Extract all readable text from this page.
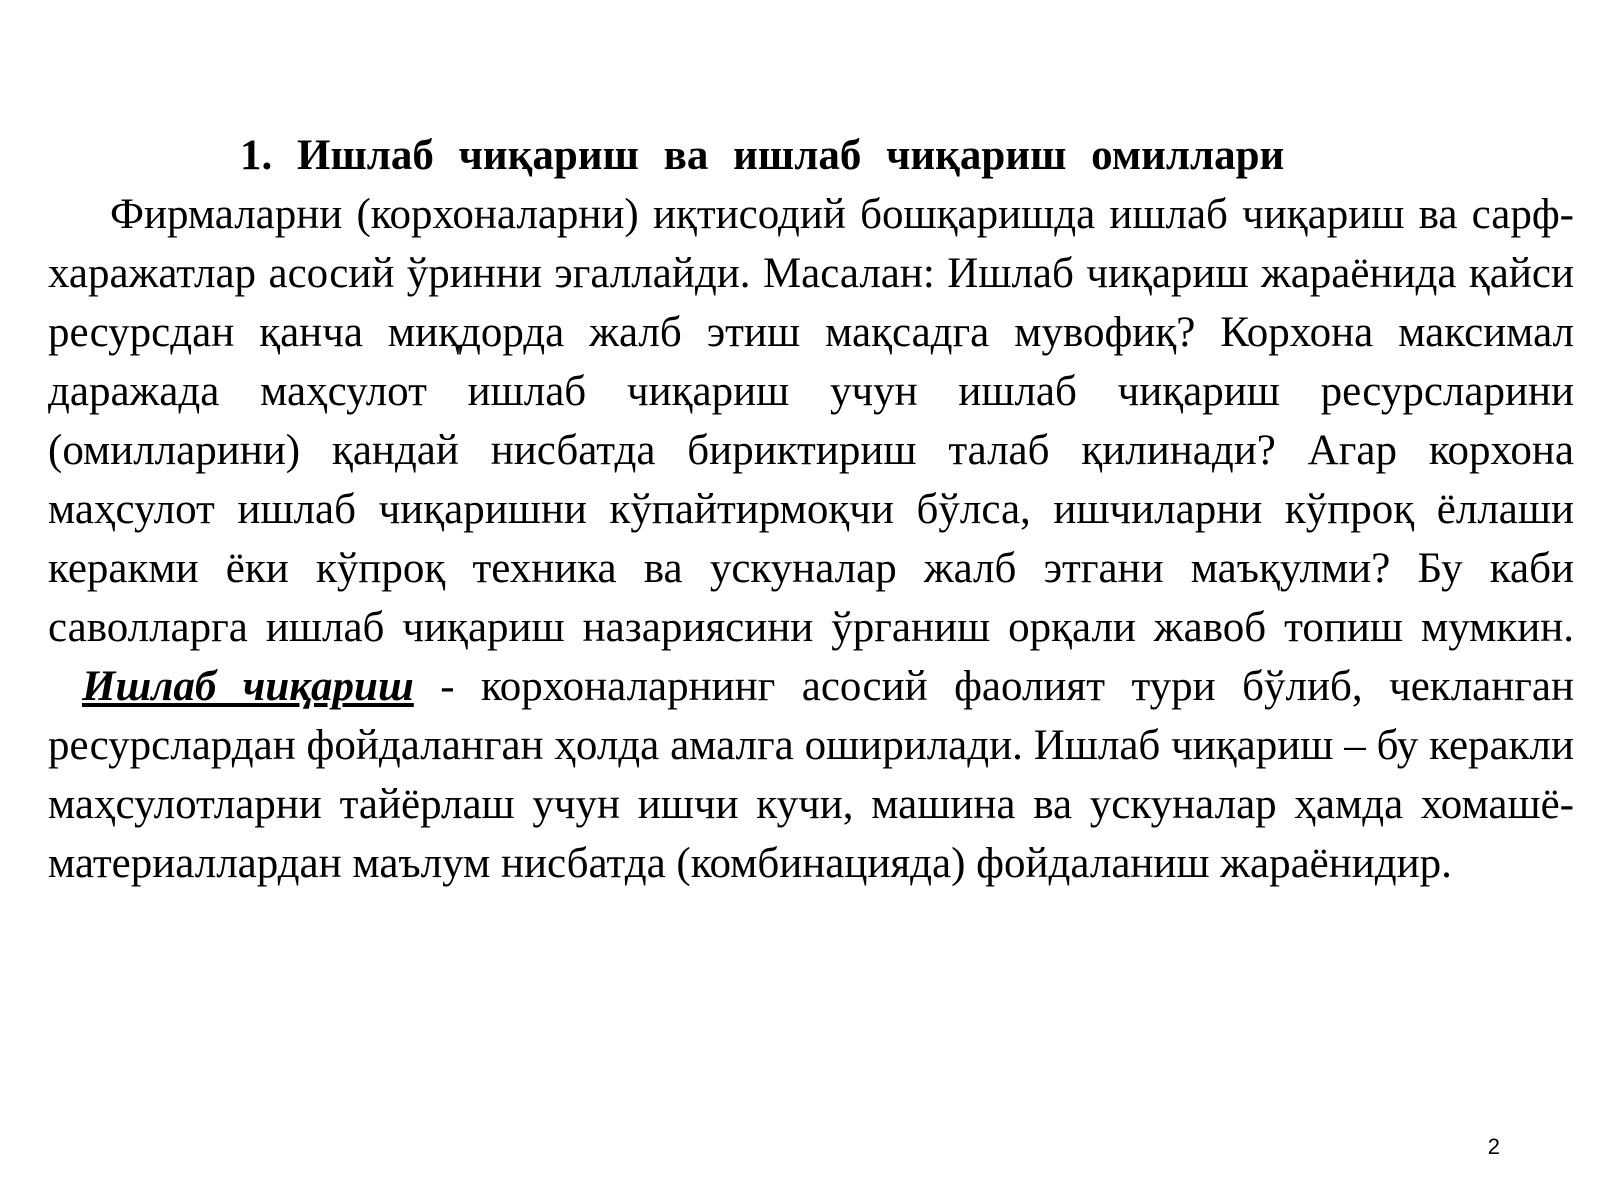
1. Ишлаб чиқариш ва ишлаб чиқариш омиллари

Фирмаларни (корхоналарни) иқтисодий бошқаришда ишлаб чиқариш ва сарф-харажатлар асосий ўринни эгаллайди. Масалан: Ишлаб чиқариш жараёнида қайси ресурсдан қанча миқдорда жалб этиш мақсадга мувофиқ? Корхона максимал даражада маҳсулот ишлаб чиқариш учун ишлаб чиқариш ресурсларини (омилларини) қандай нисбатда бириктириш талаб қилинади? Агар корхона маҳсулот ишлаб чиқаришни кўпайтирмоқчи бўлса, ишчиларни кўпроқ ёллаши керакми ёки кўпроқ техника ва ускуналар жалб этгани маъқулми? Бу каби саволларга ишлаб чиқариш назариясини ўрганиш орқали жавоб топиш мумкин.

Ишлаб чиқариш - корхоналарнинг асосий фаолият тури бўлиб, чекланган ресурслардан фойдаланган ҳолда амалга оширилади. Ишлаб чиқариш – бу керакли маҳсулотларни тайёрлаш учун ишчи кучи, машина ва ускуналар ҳамда хомашё-материаллардан маълум нисбатда (комбинацияда) фойдаланиш жараёнидир.

2
